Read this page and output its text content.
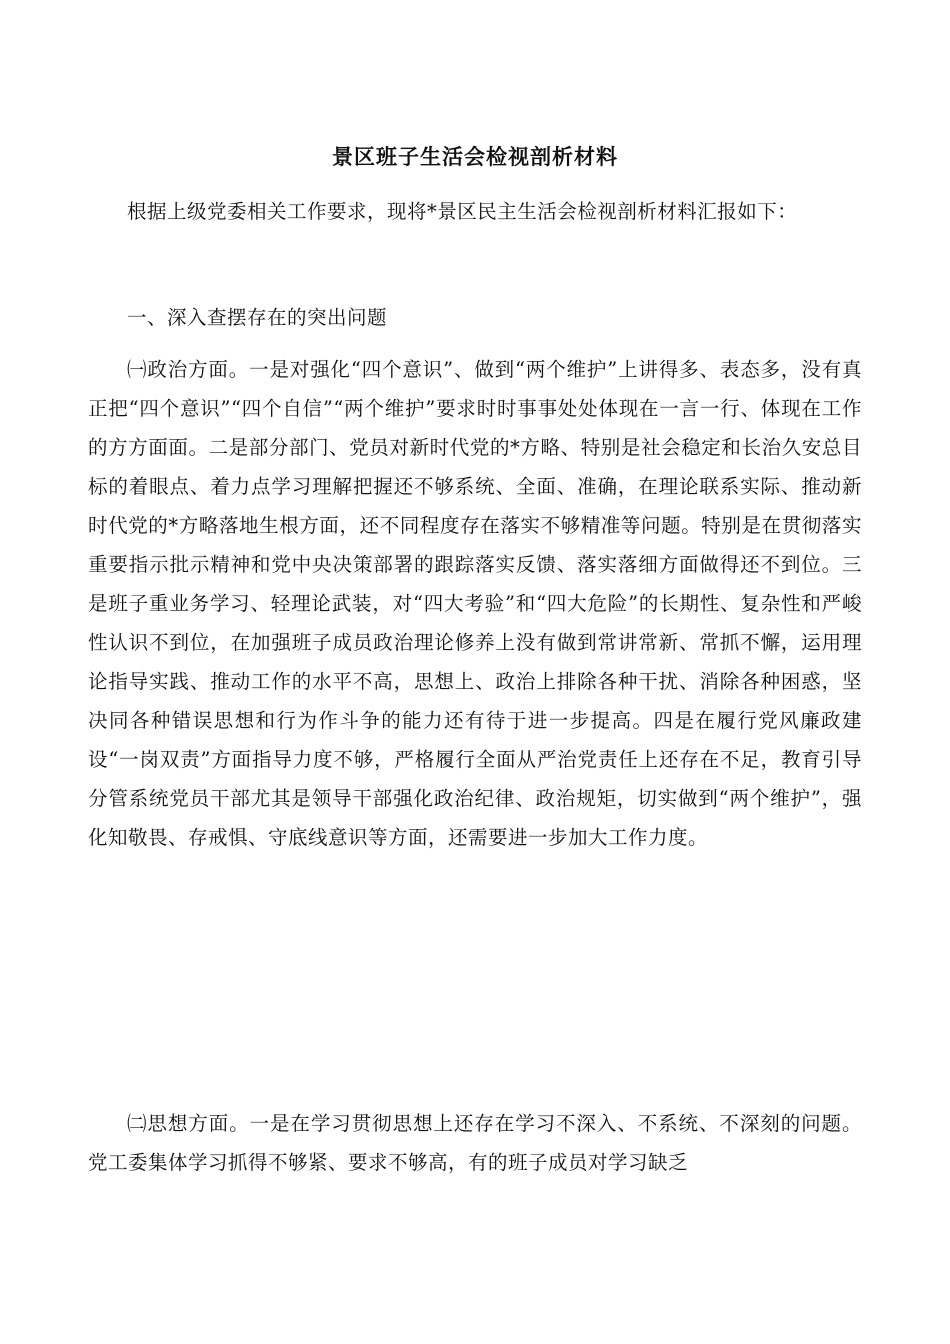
景区班子生活会检视剖析材料

根据上级党委相关工作要求，现将*景区民主生活会检视剖析材料汇报如下：

一、深入查摆存在的突出问题

㈠政治方面。一是对强化“四个意识”、做到“两个维护”上讲得多、表态多，没有真正把“四个意识”“四个自信”“两个维护”要求时时事事处处体现在一言一行、体现在工作的方方面面。二是部分部门、党员对新时代党的*方略、特别是社会稳定和长治久安总目标的着眼点、着力点学习理解把握还不够系统、全面、准确，在理论联系实际、推动新时代党的*方略落地生根方面，还不同程度存在落实不够精准等问题。特别是在贯彻落实重要指示批示精神和党中央决策部署的跟踪落实反馈、落实落细方面做得还不到位。三是班子重业务学习、轻理论武装，对“四大考验”和“四大危险”的长期性、复杂性和严峻性认识不到位，在加强班子成员政治理论修养上没有做到常讲常新、常抓不懈，运用理论指导实践、推动工作的水平不高，思想上、政治上排除各种干扰、消除各种困惑，坚决同各种错误思想和行为作斗争的能力还有待于进一步提高。四是在履行党风廉政建设“一岗双责”方面指导力度不够，严格履行全面从严治党责任上还存在不足，教育引导分管系统党员干部尤其是领导干部强化政治纪律、政治规矩，切实做到“两个维护”，强化知敬畏、存戒惧、守底线意识等方面，还需要进一步加大工作力度。

㈡思想方面。一是在学习贯彻思想上还存在学习不深入、不系统、不深刻的问题。党工委集体学习抓得不够紧、要求不够高，有的班子成员对学习缺乏
